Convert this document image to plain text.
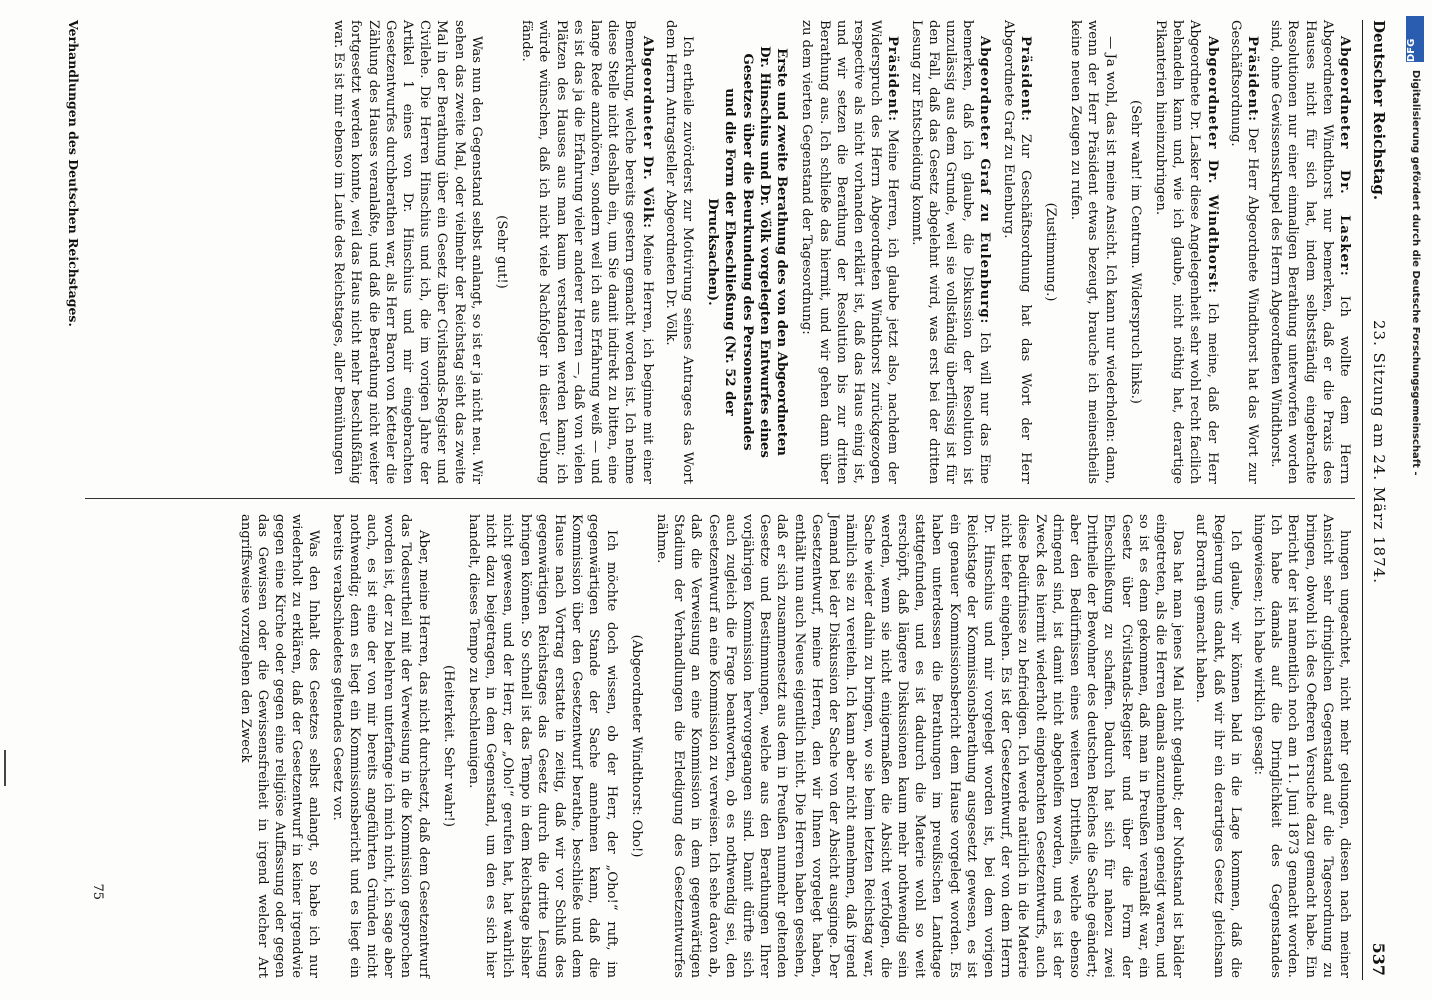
Deutscher Reichstag.
23. Sitzung am 24. März 1874.
537

Abgeordneter Dr. Lasker: Ich wollte dem Herrn Abgeordneten Windthorst nur bemerken, daß er die Praxis des Hauses nicht für sich hat, indem selbstständig eingebrachte Resolutionen nur einer einmaligen Berathung unterworfen worden sind, ohne Gewissensskrupel des Herrn Abgeordneten Windthorst.

Präsident: Der Herr Abgeordnete Windthorst hat das Wort zur Geschäftsordnung.

Abgeordneter Dr. Windthorst: Ich meine, daß der Herr Abgeordnete Dr. Lasker diese Angelegenheit sehr wohl recht facilich behandeln kann und, wie ich glaube, nicht nöthig hat, derartige Pikanterien hineinzubringen.

(Sehr wahr! im Centrum. Widerspruch links.)

— Ja wohl, das ist meine Ansicht. Ich kann nur wiederholen: dann, wenn der Herr Präsident etwas bezeugt, brauche ich meinestheils keine neuen Zeugen zu rufen.

(Zustimmung.)

Präsident: Zur Geschäftsordnung hat das Wort der Herr Abgeordnete Graf zu Eulenburg.

Abgeordneter Graf zu Eulenburg: Ich will nur das Eine bemerken, daß ich glaube, die Diskussion der Resolution ist unzulässig aus dem Grunde, weil sie vollständig überflüssig ist für den Fall, daß das Gesetz abgelehnt wird, was erst bei der dritten Lesung zur Entscheidung kommt.

Präsident: Meine Herren, ich glaube jetzt also, nachdem der Widerspruch des Herrn Abgeordneten Windthorst zurückgezogen respective als nicht vorhanden erklärt ist, daß das Haus einig ist, und wir setzen die Berathung der Resolution bis zur dritten Berathung aus. Ich schließe das hiermit, und wir gehen dann über zu dem vierten Gegenstand der Tagesordnung:

Erste und zweite Berathung des von den Abgeordneten Dr. Hinschius und Dr. Völk vorgelegten Entwurfes eines Gesetzes über die Beurkundung des Personenstandes und die Form der Eheschließung (Nr. 52 der Drucksachen).

Ich ertheile zuvörderst zur Motivirung seines Antrages das Wort dem Herrn Antragsteller Abgeordneten Dr. Völk.

Abgeordneter Dr. Völk: Meine Herren, ich beginne mit einer Bemerkung, welche bereits gestern gemacht worden ist. Ich nehme diese Stelle nicht deshalb ein, um Sie damit indirekt zu bitten, eine lange Rede anzuhören, sondern weil ich aus Erfahrung weiß — und es ist das ja die Erfahrung vieler anderer Herren —, daß von vielen Plätzen des Hauses aus man kaum verstanden werden kann; ich würde wünschen, daß ich nicht viele Nachfolger in dieser Uebung fände.

(Sehr gut!)

Was nun den Gegenstand selbst anlangt, so ist er ja nicht neu. Wir sehen das zweite Mal, oder vielmehr der Reichstag sieht das zweite Mal in der Berathung über ein Gesetz über Civilstands-Register und Civilehe. Die Herren Hinschius und ich, die im vorigen Jahre der Artikel 1 eines von Dr. Hinschius und mir eingebrachten Gesetzentwurfes durchberathen war, als Herr Baron von Ketteler die Zählung des Hauses veranlaßte, und daß die Berathung nicht weiter fortgesetzt werden konnte, weil das Haus nicht mehr beschlußfähig war. Es ist mir ebenso im Laufe des Reichstages, aller Bemühungen

hungen ungeachtet, nicht mehr gelungen, diesen nach meiner Ansicht sehr dringlichen Gegenstand auf die Tagesordnung zu bringen, obwohl ich des Oefteren Versuche dazu gemacht habe. Ein Bericht der ist namentlich noch am 11. Juni 1873 gemacht worden. Ich habe damals auf die Dringlichkeit des Gegenstandes hingewiesen; ich habe wirklich gesagt:

Ich glaube, wir können bald in die Lage kommen, daß die Regierung uns dankt, daß wir ihr ein derartiges Gesetz gleichsam auf Borrath gemacht haben.

Das hat man jenes Mal nicht geglaubt; der Nothstand ist bälder eingetreten, als die Herren damals anzunehmen geneigt waren, und so ist es denn gekommen, daß man in Preußen veranlaßt war, ein Gesetz über Civilstands-Register und über die Form der Eheschließung zu schaffen. Dadurch hat sich für nahezu zwei Drittheile der Bewohner des deutschen Reiches die Sache geändert; aber den Bedürfnissen eines weiteren Drittheils, welche ebenso dringend sind, ist damit nicht abgeholfen worden, und es ist der Zweck des hiermit wiederholt eingebrachten Gesetzentwurfs, auch diese Bedürfnisse zu befriedigen. Ich werde natürlich in die Materie nicht tiefer eingehen. Es ist der Gesetzentwurf, der von dem Herrn Dr. Hinschius und mir vorgelegt worden ist, bei dem vorigen Reichstage der Kommissionsberathung ausgesetzt gewesen, es ist ein genauer Kommissionsbericht dem Hause vorgelegt worden. Es haben unterdessen die Berathungen im preußischen Landtage stattgefunden, und es ist dadurch die Materie wohl so weit erschöpft, daß längere Diskussionen kaum mehr nothwendig sein werden, wenn sie nicht einigermaßen die Absicht verfolgen, die Sache wieder dahin zu bringen, wo sie beim letzten Reichstag war, nämlich sie zu vereiteln. Ich kann aber nicht annehmen, daß irgend Jemand bei der Diskussion der Sache von der Absicht ausginge. Der Gesetzentwurf, meine Herren, den wir Ihnen vorgelegt haben, enthält nun auch Neues eigentlich nicht. Die Herren haben gesehen, daß er sich zusammensetzt aus dem in Preußen nunmehr geltenden Gesetze und Bestimmungen, welche aus den Berathungen Ihrer vorjährigen Kommission hervorgegangen sind. Damit dürfte sich auch zugleich die Frage beantworten, ob es nothwendig sei, den Gesetzentwurf an eine Kommission zu verweisen. Ich sehe davon ab, daß die Verweisung an eine Kommission in dem gegenwärtigen Stadium der Verhandlungen die Erledigung des Gesetzentwurfes nähme.

(Abgeordneter Windthorst: Oho!)

Ich möchte doch wissen, ob der Herr, der „Oho!“ ruft, im gegenwärtigen Stande der Sache annehmen kann, daß die Kommission über den Gesetzentwurf berathe, beschließe und dem Hause nach Vortrag erstatte in zeitig, daß wir vor Schluß des gegenwärtigen Reichstages das Gesetz durch die dritte Lesung bringen können. So schnell ist das Tempo in dem Reichstage bisher nicht gewesen, und der Herr, der „Oho!“ gerufen hat, hat wahrlich nicht dazu beigetragen, in dem Gegenstand, um den es sich hier handelt, dieses Tempo zu beschleunigen.

(Heiterkeit. Sehr wahr!)

Aber, meine Herren, das nicht durchsetzt, daß dem Gesetzentwurf das Todesurtheil mit der Verweisung in die Kommission gesprochen worden ist, der zu belehren unterfange ich mich nicht, ich sage aber auch, es ist eine der von mir bereits angeführten Gründen nicht nothwendig; denn es liegt ein Kommissionsbericht und es liegt ein bereits verabschiedetes geltendes Gesetz vor.

Was den Inhalt des Gesetzes selbst anlangt, so habe ich nur wiederholt zu erklären, daß der Gesetzentwurf in keiner irgendwie gegen eine Kirche oder gegen eine religiöse Auffassung oder gegen das Gewissen oder die Gewissensfreiheit in irgend welcher Art angriffsweise vorzugehen den Zweck

Verhandlungen des Deutschen Reichstages.
75
DFG
Digitalisierung gefördert durch die Deutsche Forschungsgemeinschaft -
